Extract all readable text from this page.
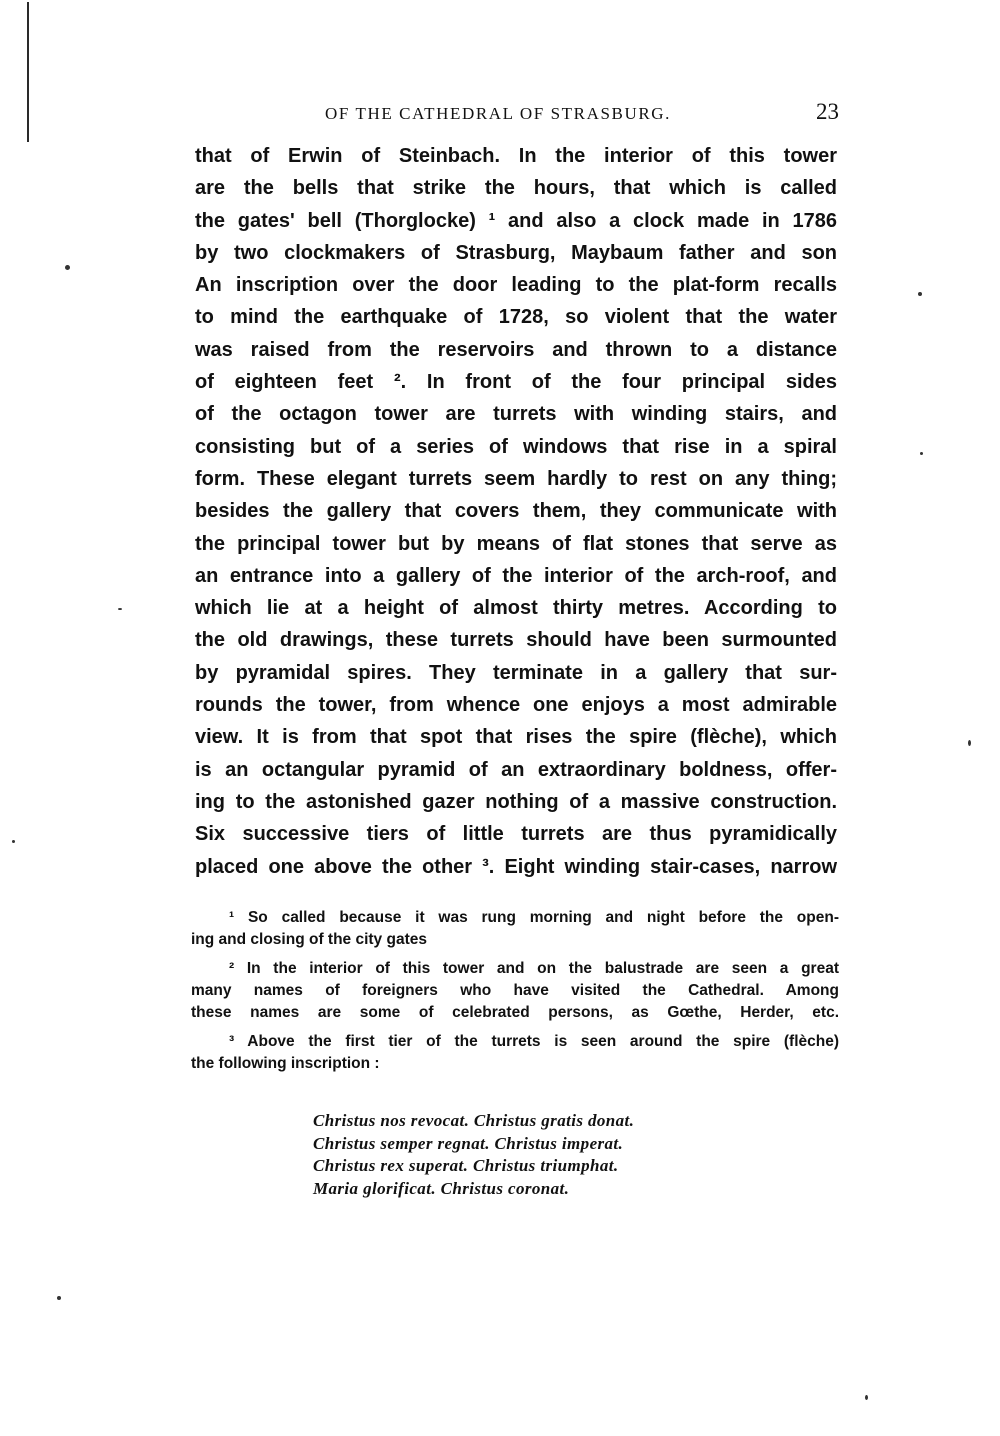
OF THE CATHEDRAL OF STRASBURG.	23
that of Erwin of Steinbach. In the interior of this tower
are the bells that strike the hours, that which is called
the gates' bell (Thorglocke) ¹ and also a clock made in 1786
by two clockmakers of Strasburg, Maybaum father and son
An inscription over the door leading to the plat-form recalls
to mind the earthquake of 1728, so violent that the water
was raised from the reservoirs and thrown to a distance
of eighteen feet ². In front of the four principal sides
of the octagon tower are turrets with winding stairs, and
consisting but of a series of windows that rise in a spiral
form. These elegant turrets seem hardly to rest on any thing;
besides the gallery that covers them, they communicate with
the principal tower but by means of flat stones that serve as
an entrance into a gallery of the interior of the arch-roof, and
which lie at a height of almost thirty metres. According to
the old drawings, these turrets should have been surmounted
by pyramidal spires. They terminate in a gallery that sur-
rounds the tower, from whence one enjoys a most admirable
view. It is from that spot that rises the spire (flèche), which
is an octangular pyramid of an extraordinary boldness, offer-
ing to the astonished gazer nothing of a massive construction.
Six successive tiers of little turrets are thus pyramidically
placed one above the other ³. Eight winding stair-cases, narrow
¹ So called because it was rung morning and night before the open-
ing and closing of the city gates
² In the interior of this tower and on the balustrade are seen a great
many names of foreigners who have visited the Cathedral. Among
these names are some of celebrated persons, as Gœthe, Herder, etc.
³ Above the first tier of the turrets is seen around the spire (flèche)
the following inscription :
Christus nos revocat. Christus gratis donat.
Christus semper regnat. Christus imperat.
Christus rex superat. Christus triumphat.
Maria glorificat. Christus coronat.
